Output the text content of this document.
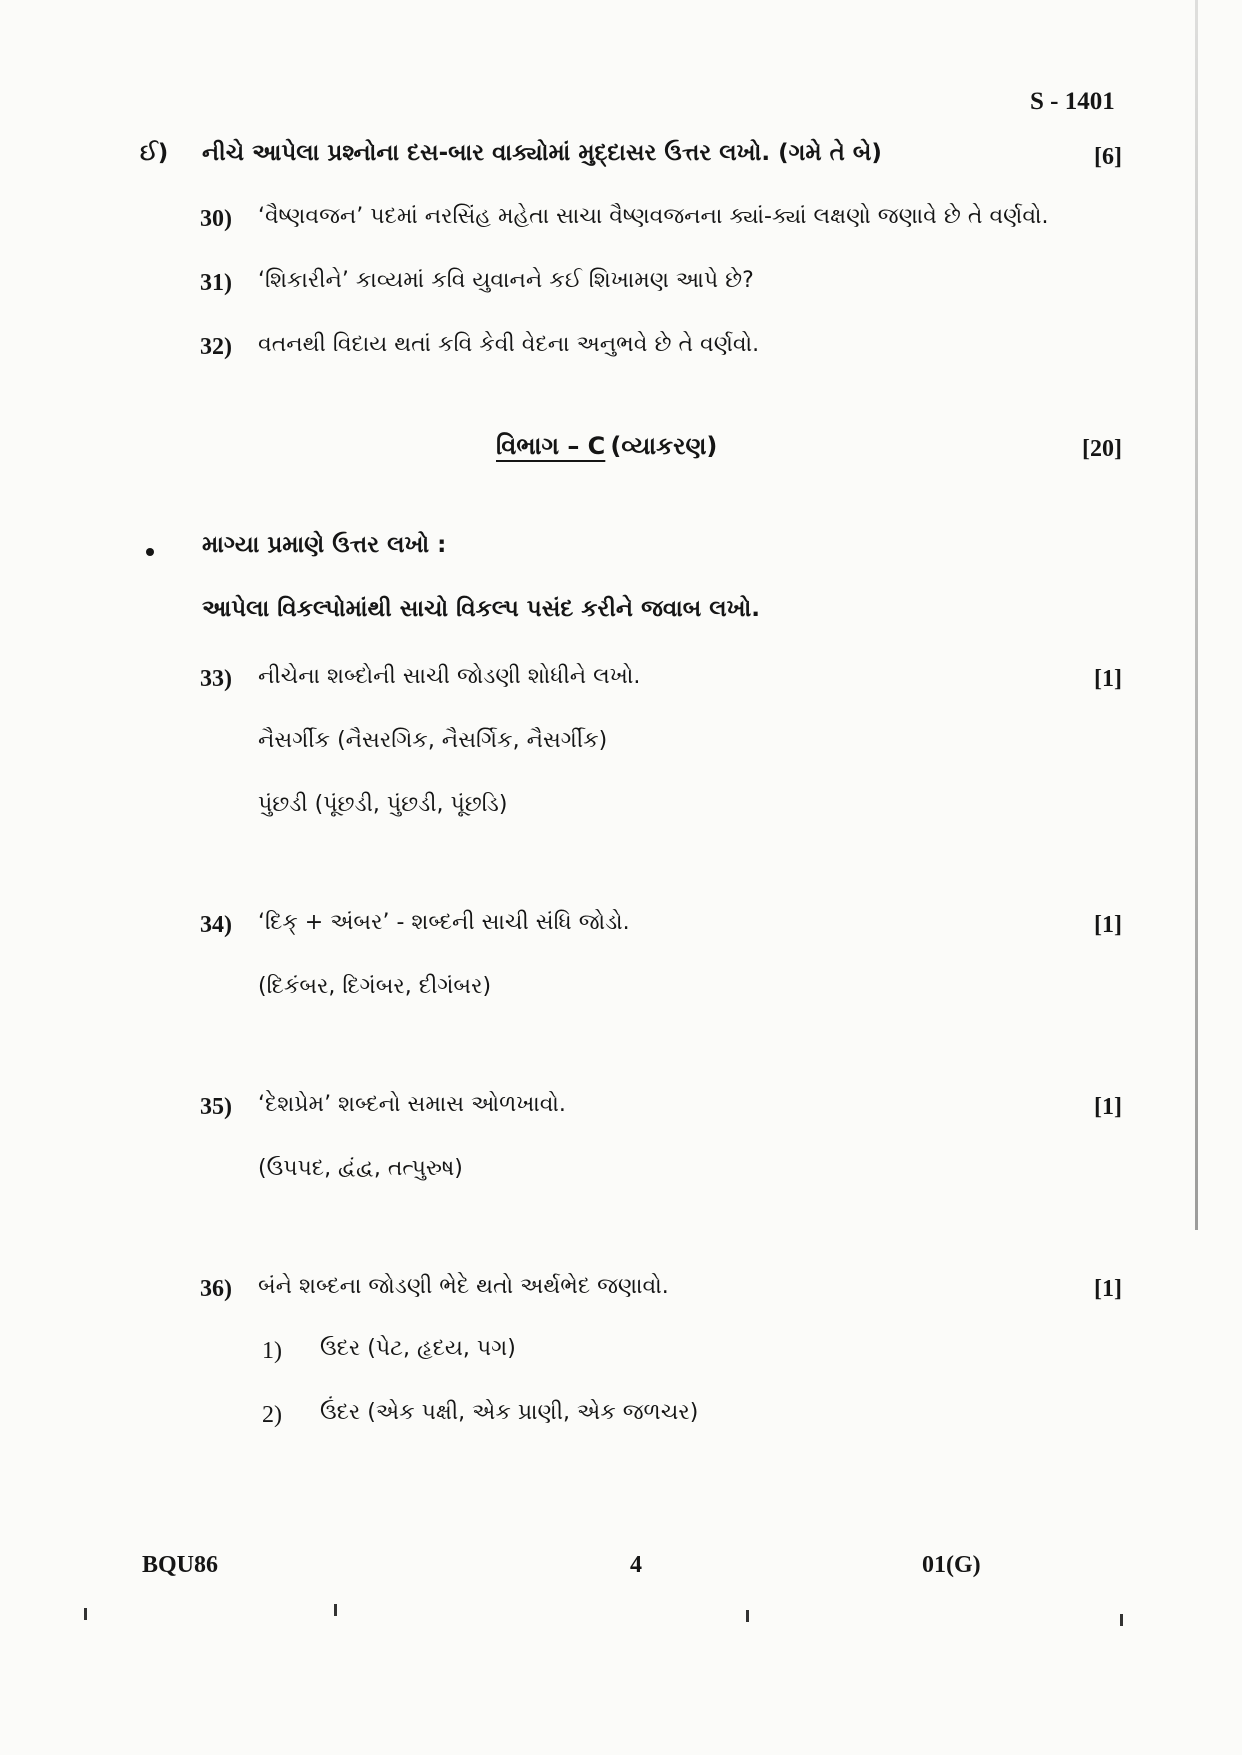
S - 1401
ઈ) નીચે આપેલા પ્રશ્નોના દસ-બાર વાક્યોમાં મુદ્દાસર ઉત્તર લખો. (ગમે તે બે)	[6]
30) ‘વૈષ્ણવજન’ પદમાં નરસિંહ મહેતા સાચા વૈષ્ણવજનના ક્યાં-ક્યાં લક્ષણો જણાવે છે તે વર્ણવો.
31) ‘શિકારીને’ કાવ્યમાં કવિ યુવાનને કઈ શિખામણ આપે છે?
32) વતનથી વિદાય થતાં કવિ કેવી વેદના અનુભવે છે તે વર્ણવો.
વિભાગ – C (વ્યાકરણ)	[20]
માગ્યા પ્રમાણે ઉત્તર લખો :
આપેલા વિકલ્પોમાંથી સાચો વિકલ્પ પસંદ કરીને જવાબ લખો.
33) નીચેના શબ્દોની સાચી જોડણી શોધીને લખો.	[1]
નૈસર્ગીક (નૈસરગિક, નૈસર્ગિક, નૈસર્ગીક)
પુંછડી (પૂંછડી, પુંછડી, પૂંછડિ)
34) ‘દિક્ + અંબર’ - શબ્દની સાચી સંધિ જોડો.	[1]
(દિકંબર, દિગંબર, દીગંબર)
35) ‘દેશપ્રેમ’ શબ્દનો સમાસ ઓળખાવો.	[1]
(ઉપપદ, દ્વંદ્વ, તત્પુરુષ)
36) બંને શબ્દના જોડણી ભેદે થતો અર્થભેદ જણાવો.	[1]
1) ઉદર (પેટ, હૃદય, પગ)
2) ઉંદર (એક પક્ષી, એક પ્રાણી, એક જળચર)
BQU86	4	01(G)
